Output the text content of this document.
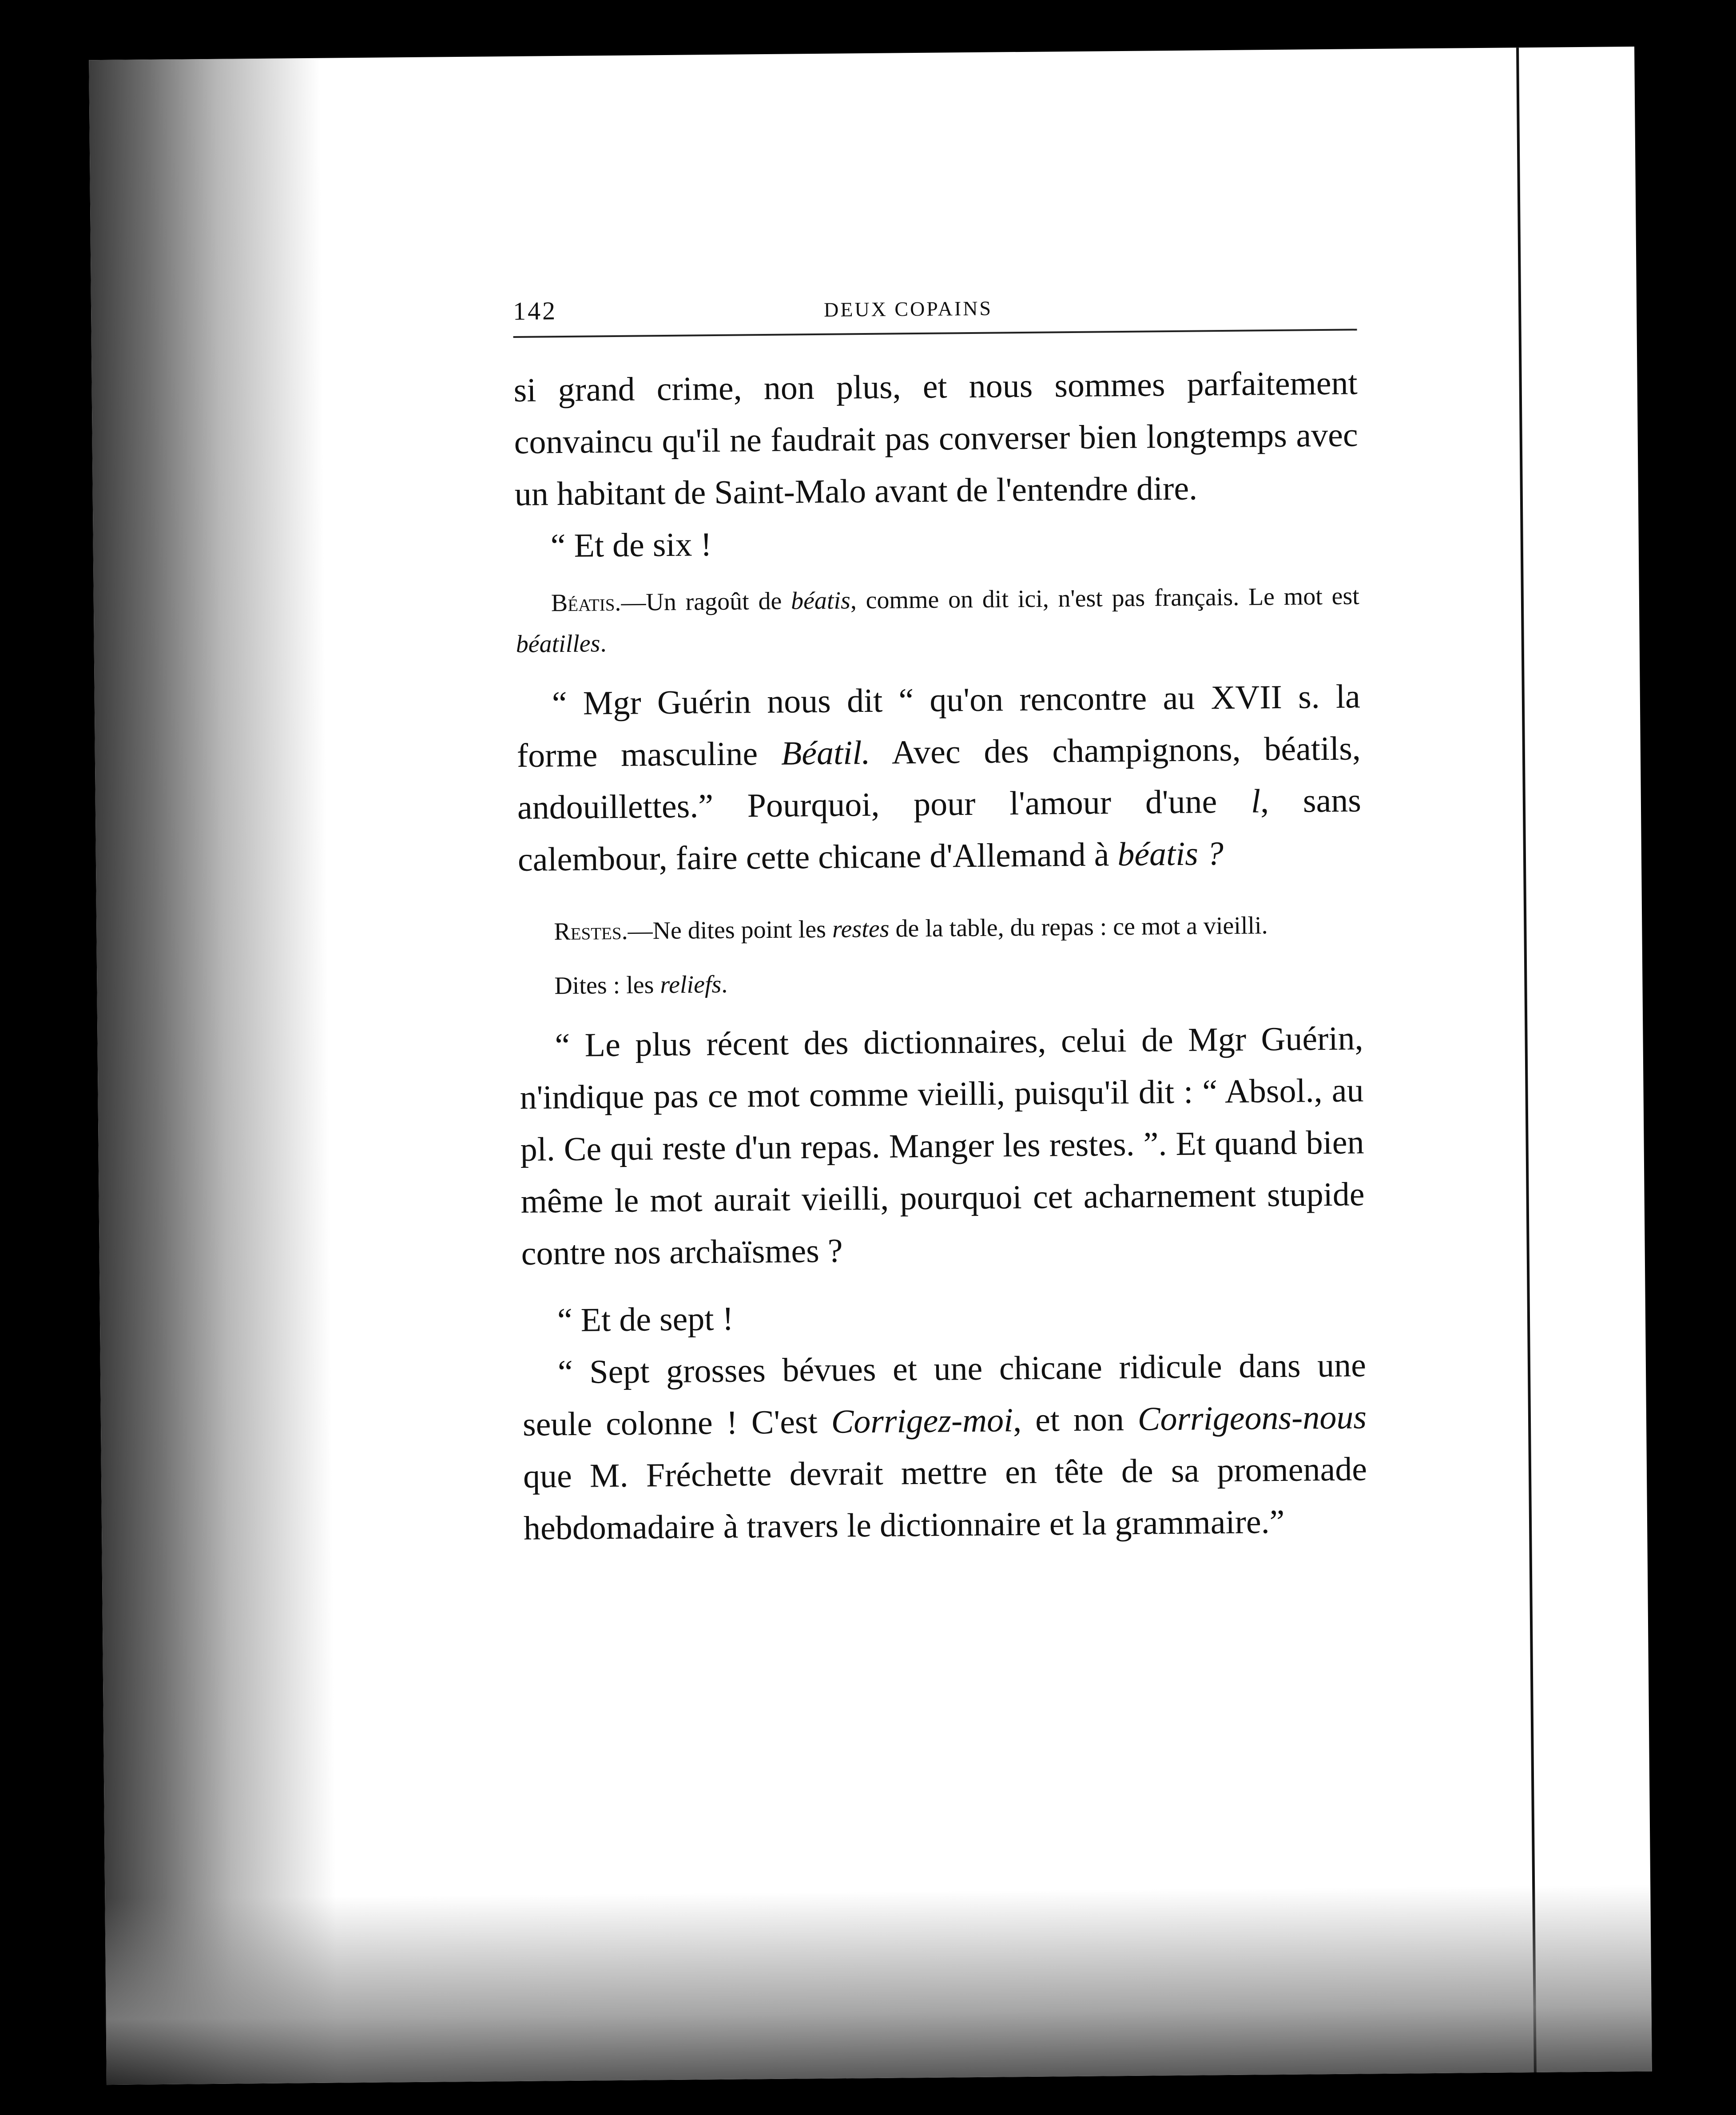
142	DEUX COPAINS

si grand crime, non plus, et nous sommes parfaitement convaincu qu'il ne faudrait pas converser bien longtemps avec un habitant de Saint-Malo avant de l'entendre dire.

“ Et de six !

Béatis.—Un ragoût de béatis, comme on dit ici, n'est pas français. Le mot est béatilles.

“ Mgr Guérin nous dit “ qu'on rencontre au XVII s. la forme masculine Béatil. Avec des champignons, béatils, andouillettes.” Pourquoi, pour l'amour d'une l, sans calembour, faire cette chicane d'Allemand à béatis ?

Restes.—Ne dites point les restes de la table, du repas : ce mot a vieilli.

Dites : les reliefs.

“ Le plus récent des dictionnaires, celui de Mgr Guérin, n'indique pas ce mot comme vieilli, puisqu'il dit : “ Absol., au pl. Ce qui reste d'un repas. Manger les restes. ”. Et quand bien même le mot aurait vieilli, pourquoi cet acharnement stupide contre nos archaïsmes ?

“ Et de sept !

“ Sept grosses bévues et une chicane ridicule dans une seule colonne ! C'est Corrigez-moi, et non Corrigeons-nous que M. Fréchette devrait mettre en tête de sa promenade hebdomadaire à travers le dictionnaire et la grammaire.”
